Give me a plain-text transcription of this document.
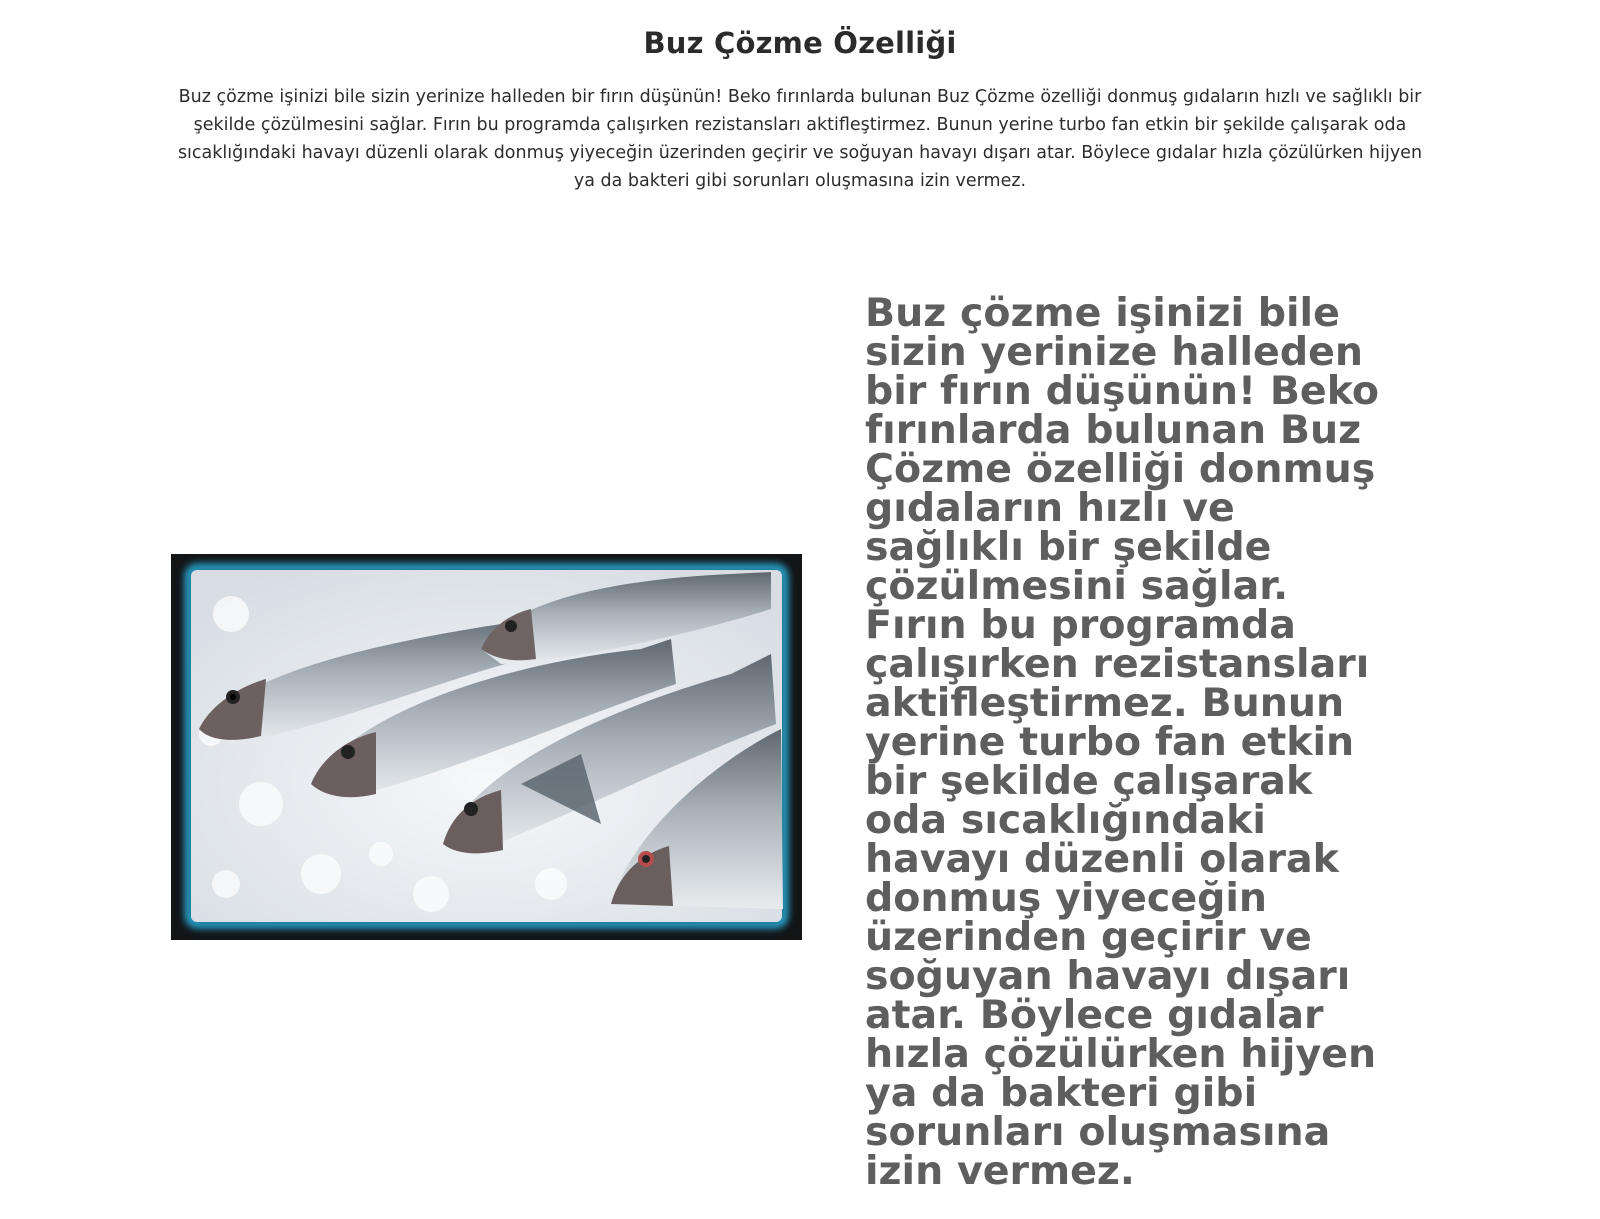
Buz Çözme Özelliği

Buz çözme işinizi bile sizin yerinize halleden bir fırın düşünün! Beko fırınlarda bulunan Buz Çözme özelliği donmuş gıdaların hızlı ve sağlıklı bir şekilde çözülmesini sağlar. Fırın bu programda çalışırken rezistansları aktifleştirmez. Bunun yerine turbo fan etkin bir şekilde çalışarak oda sıcaklığındaki havayı düzenli olarak donmuş yiyeceğin üzerinden geçirir ve soğuyan havayı dışarı atar. Böylece gıdalar hızla çözülürken hijyen ya da bakteri gibi sorunları oluşmasına izin vermez.

Buz çözme işinizi bile sizin yerinize halleden bir fırın düşünün! Beko fırınlarda bulunan Buz Çözme özelliği donmuş gıdaların hızlı ve sağlıklı bir şekilde çözülmesini sağlar. Fırın bu programda çalışırken rezistansları aktifleştirmez. Bunun yerine turbo fan etkin bir şekilde çalışarak oda sıcaklığındaki havayı düzenli olarak donmuş yiyeceğin üzerinden geçirir ve soğuyan havayı dışarı atar. Böylece gıdalar hızla çözülürken hijyen ya da bakteri gibi sorunları oluşmasına izin vermez.
